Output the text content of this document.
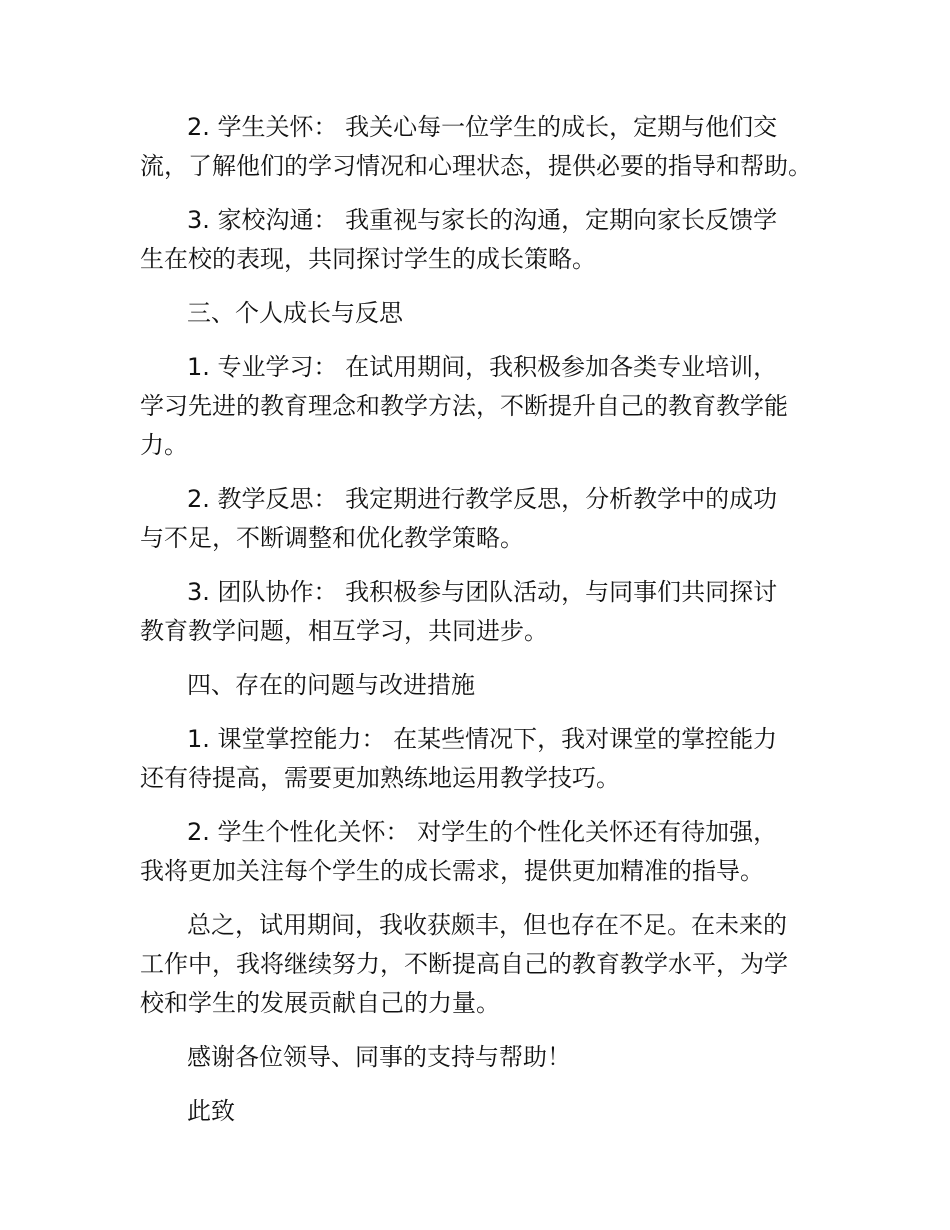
2. 学生关怀： 我关心每一位学生的成长，定期与他们交
流，了解他们的学习情况和心理状态，提供必要的指导和帮助。

3. 家校沟通： 我重视与家长的沟通，定期向家长反馈学
生在校的表现，共同探讨学生的成长策略。

三、个人成长与反思

1. 专业学习： 在试用期间，我积极参加各类专业培训，
学习先进的教育理念和教学方法，不断提升自己的教育教学能
力。

2. 教学反思： 我定期进行教学反思，分析教学中的成功
与不足，不断调整和优化教学策略。

3. 团队协作： 我积极参与团队活动，与同事们共同探讨
教育教学问题，相互学习，共同进步。

四、存在的问题与改进措施

1. 课堂掌控能力： 在某些情况下，我对课堂的掌控能力
还有待提高，需要更加熟练地运用教学技巧。

2. 学生个性化关怀： 对学生的个性化关怀还有待加强，
我将更加关注每个学生的成长需求，提供更加精准的指导。

总之，试用期间，我收获颇丰，但也存在不足。在未来的
工作中，我将继续努力，不断提高自己的教育教学水平，为学
校和学生的发展贡献自己的力量。

感谢各位领导、同事的支持与帮助！

此致
